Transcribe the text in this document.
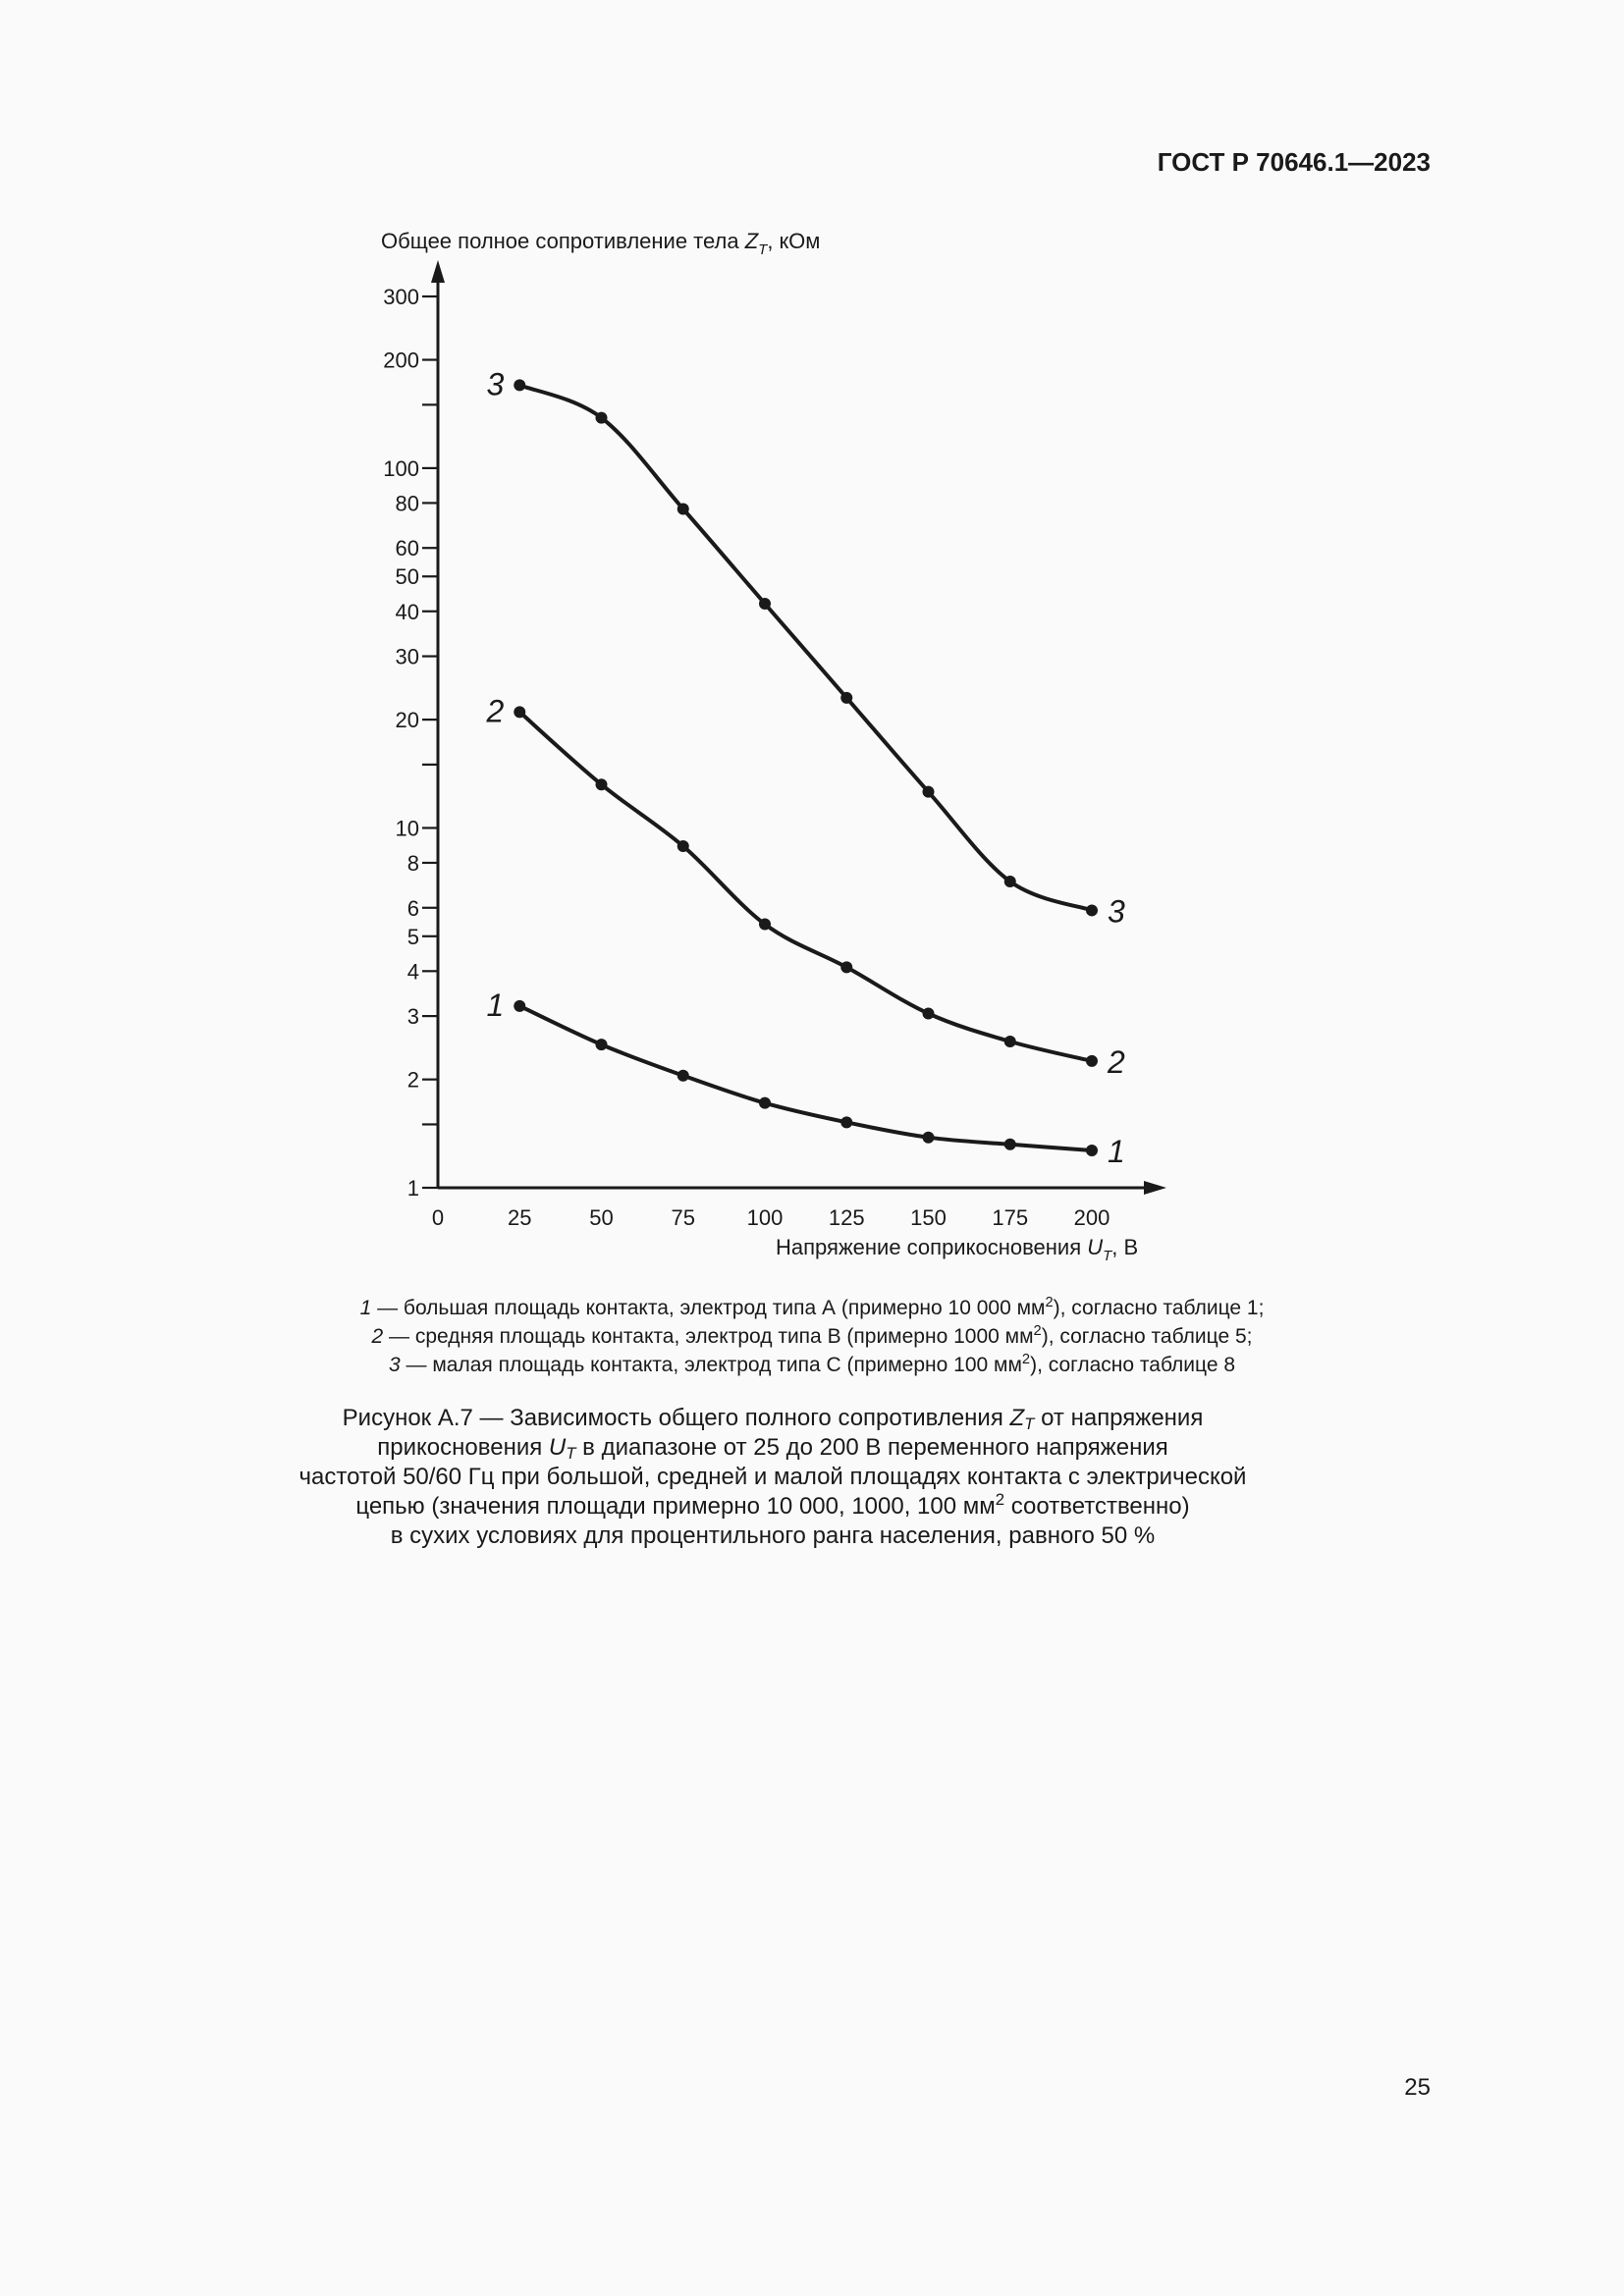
ГОСТ Р 70646.1—2023
Общее полное сопротивление тела $Z_T$, кОм
1
2
3
4
5
6
8
10
20
30
40
50
60
80
100
200
300
0	25	50	75 100 125 150 175 200
1
1
2
2
3
3
Напряжение соприкосновения $U_T$, В
1 — большая площадь контакта, электрод типа А (примерно 10 000 $мм^2$), согласно таблице 1;
2 — средняя площадь контакта, электрод типа В (примерно 1000 $мм^2$), согласно таблице 5;
3 — малая площадь контакта, электрод типа С (примерно 100 $мм^2$), согласно таблице 8
Рисунок А.7 — Зависимость общего полного сопротивления $Z_T$ от напряжения
прикосновения $U_T$ в диапазоне от 25 до 200 В переменного напряжения
частотой 50/60 Гц при большой, средней и малой площадях контакта с электрической
цепью (значения площади примерно 10 000, 1000, 100 $мм^2$ соответственно)
в сухих условиях для процентильного ранга населения, равного 50 %
25
